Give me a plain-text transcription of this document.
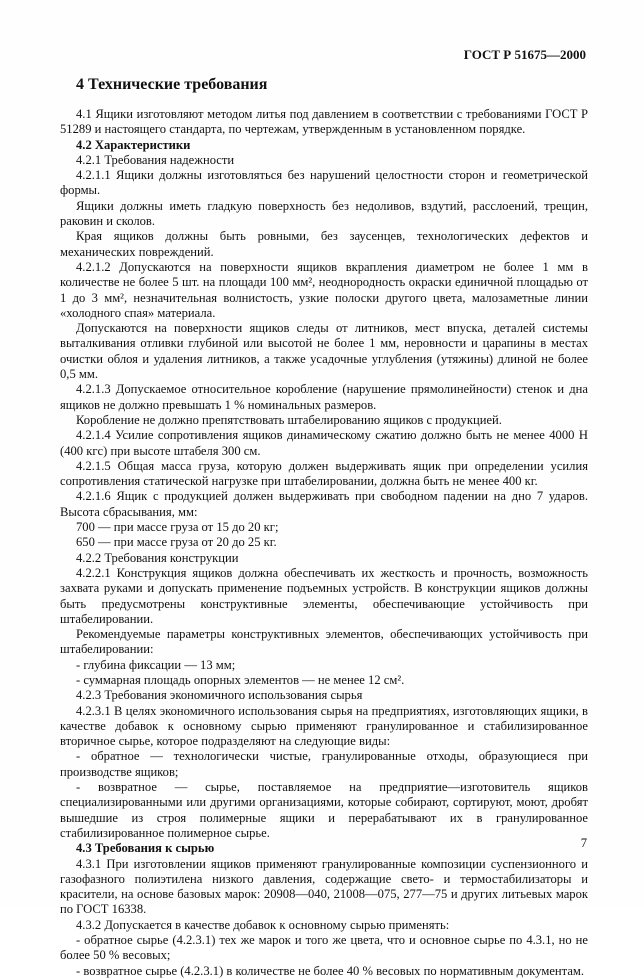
ГОСТ Р 51675—2000
4 Технические требования

4.1 Ящики изготовляют методом литья под давлением в соответствии с требованиями ГОСТ Р 51289 и настоящего стандарта, по чертежам, утвержденным в установленном порядке.

4.2 Характеристики

4.2.1 Требования надежности

4.2.1.1 Ящики должны изготовляться без нарушений целостности сторон и геометрической формы.

Ящики должны иметь гладкую поверхность без недоливов, вздутий, расслоений, трещин, раковин и сколов.

Края ящиков должны быть ровными, без заусенцев, технологических дефектов и механических повреждений.

4.2.1.2 Допускаются на поверхности ящиков вкрапления диаметром не более 1 мм в количестве не более 5 шт. на площади 100 мм², неоднородность окраски единичной площадью от 1 до 3 мм², незначительная волнистость, узкие полоски другого цвета, малозаметные линии «холодного спая» материала.

Допускаются на поверхности ящиков следы от литников, мест впуска, деталей системы выталкивания отливки глубиной или высотой не более 1 мм, неровности и царапины в местах очистки облоя и удаления литников, а также усадочные углубления (утяжины) длиной не более 0,5 мм.

4.2.1.3 Допускаемое относительное коробление (нарушение прямолинейности) стенок и дна ящиков не должно превышать 1 % номинальных размеров.

Коробление не должно препятствовать штабелированию ящиков с продукцией.

4.2.1.4 Усилие сопротивления ящиков динамическому сжатию должно быть не менее 4000 Н (400 кгс) при высоте штабеля 300 см.

4.2.1.5 Общая масса груза, которую должен выдерживать ящик при определении усилия сопротивления статической нагрузке при штабелировании, должна быть не менее 400 кг.

4.2.1.6 Ящик с продукцией должен выдерживать при свободном падении на дно 7 ударов. Высота сбрасывания, мм:

700 — при массе груза от 15 до 20 кг;

650 — при массе груза от 20 до 25 кг.

4.2.2 Требования конструкции

4.2.2.1 Конструкция ящиков должна обеспечивать их жесткость и прочность, возможность захвата руками и допускать применение подъемных устройств. В конструкции ящиков должны быть предусмотрены конструктивные элементы, обеспечивающие устойчивость при штабелировании.

Рекомендуемые параметры конструктивных элементов, обеспечивающих устойчивость при штабелировании:

- глубина фиксации — 13 мм;

- суммарная площадь опорных элементов — не менее 12 см².

4.2.3 Требования экономичного использования сырья

4.2.3.1 В целях экономичного использования сырья на предприятиях, изготовляющих ящики, в качестве добавок к основному сырью применяют гранулированное и стабилизированное вторичное сырье, которое подразделяют на следующие виды:

- обратное — технологически чистые, гранулированные отходы, образующиеся при производстве ящиков;

- возвратное — сырье, поставляемое на предприятие—изготовитель ящиков специализированными или другими организациями, которые собирают, сортируют, моют, дробят вышедшие из строя полимерные ящики и перерабатывают их в гранулированное стабилизированное полимерное сырье.

4.3 Требования к сырью

4.3.1 При изготовлении ящиков применяют гранулированные композиции суспензионного и газофазного полиэтилена низкого давления, содержащие свето- и термостабилизаторы и красители, на основе базовых марок: 20908—040, 21008—075, 277—75 и других литьевых марок по ГОСТ 16338.

4.3.2 Допускается в качестве добавок к основному сырью применять:

- обратное сырье (4.2.3.1) тех же марок и того же цвета, что и основное сырье по 4.3.1, но не более 50 % весовых;

- возвратное сырье (4.2.3.1) в количестве не более 40 % весовых по нормативным документам.

7
